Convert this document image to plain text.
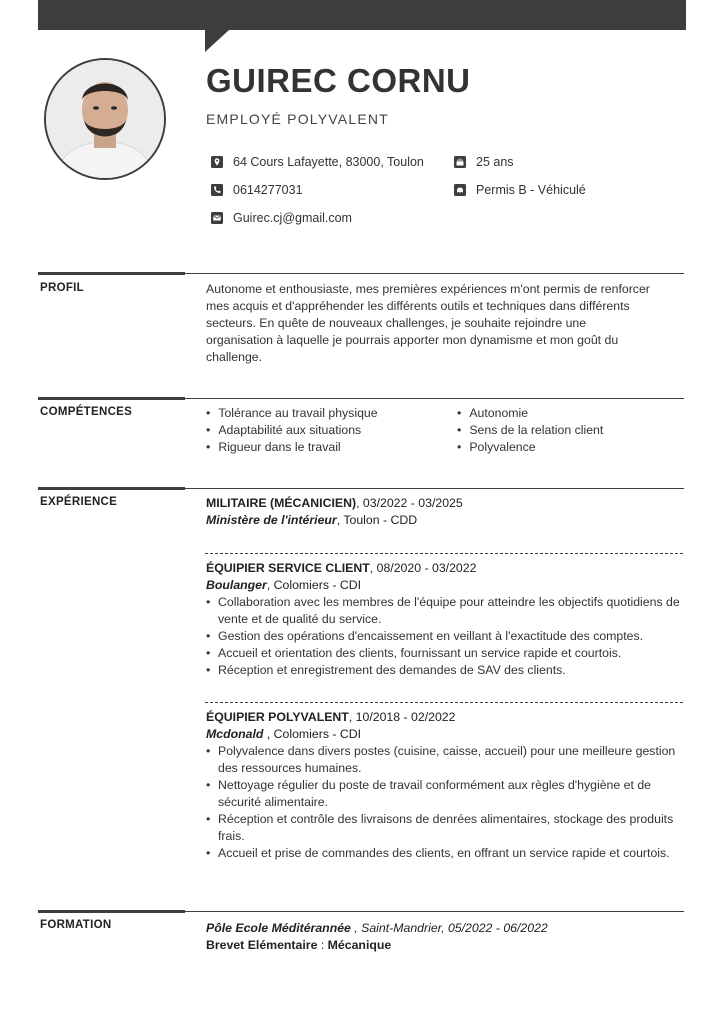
GUIREC CORNU
EMPLOYÉ POLYVALENT
64 Cours Lafayette, 83000, Toulon
0614277031
Guirec.cj@gmail.com
25 ans
Permis B - Véhiculé
PROFIL	Autonome et enthousiaste, mes premières expériences m'ont permis de renforcer
mes acquis et d'appréhender les différents outils et techniques dans différents
secteurs. En quête de nouveaux challenges, je souhaite rejoindre une
organisation à laquelle je pourrais apporter mon dynamisme et mon goût du
challenge.
COMPÉTENCES
•	Tolérance au travail physique
• Adaptabilité aux situations
• Rigueur dans le travail
• Autonomie
• Sens de la relation client
• Polyvalence
EXPÉRIENCE	MILITAIRE (MÉCANICIEN), 03/2022 - 03/2025
Ministère de l'intérieur, Toulon - CDD
ÉQUIPIER SERVICE CLIENT, 08/2020 - 03/2022
Boulanger, Colomiers - CDI
• Collaboration avec les membres de l'équipe pour atteindre les objectifs quotidiens de vente et de qualité du service.
• Gestion des opérations d'encaissement en veillant à l'exactitude des comptes.
• Accueil et orientation des clients, fournissant un service rapide et courtois.
• Réception et enregistrement des demandes de SAV des clients.
ÉQUIPIER POLYVALENT, 10/2018 - 02/2022
Mcdonald , Colomiers - CDI
• Polyvalence dans divers postes (cuisine, caisse, accueil) pour une meilleure gestion des ressources humaines.
• Nettoyage régulier du poste de travail conformément aux règles d'hygiène et de sécurité alimentaire.
• Réception et contrôle des livraisons de denrées alimentaires, stockage des produits frais.
• Accueil et prise de commandes des clients, en offrant un service rapide et courtois.
FORMATION	Pôle Ecole Méditérannée , Saint-Mandrier, 05/2022 - 06/2022
Brevet Elémentaire : Mécanique
